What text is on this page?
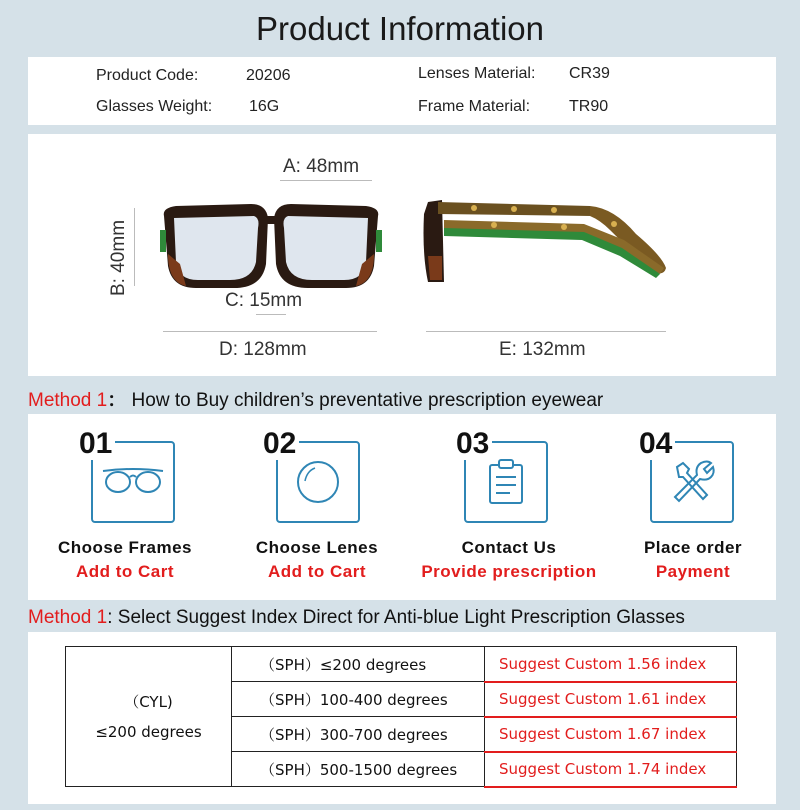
Product Information
Product Code:	20206
Glasses Weight: 16G
Lenses Material: CR39
Frame Material: TR90
A: 48mm
B: 40mm
C: 15mm
D: 128mm	E: 132mm
Method 1： How to Buy children’s preventative prescription eyewear
01
Choose Frames
Add to Cart
02
Choose Lenes
Add to Cart
03
Contact Us
Provide prescription
04
Place order
Payment
Method 1: Select Suggest Index Direct for Anti-blue Light Prescription Glasses
（CYL)
≤200 degrees	（SPH）≤200 degrees	Suggest Custom 1.56 index
	（SPH）100-400 degrees	Suggest Custom 1.61 index
	（SPH）300-700 degrees	Suggest Custom 1.67 index
	（SPH）500-1500 degrees	Suggest Custom 1.74 index
